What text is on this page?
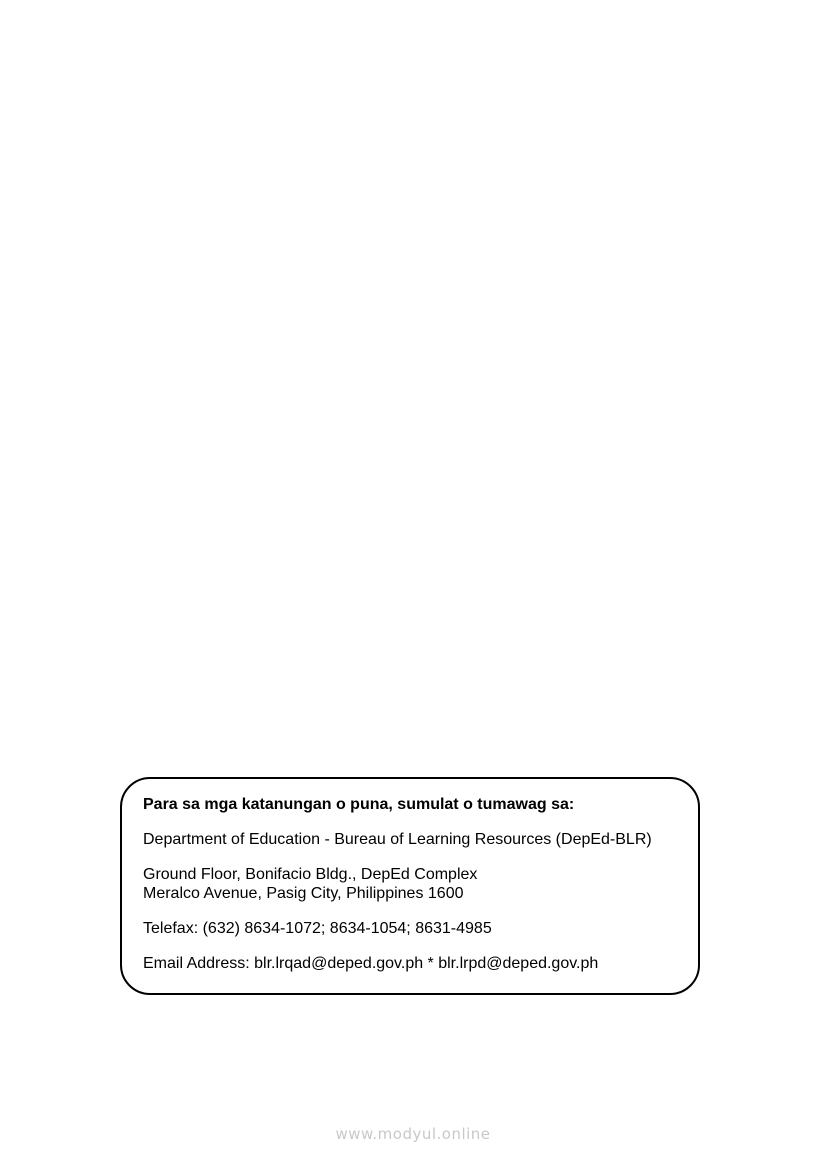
Para sa mga katanungan o puna, sumulat o tumawag sa:

Department of Education - Bureau of Learning Resources (DepEd-BLR)

Ground Floor, Bonifacio Bldg., DepEd Complex

Meralco Avenue, Pasig City, Philippines 1600

Telefax: (632) 8634-1072; 8634-1054; 8631-4985

Email Address: blr.lrqad@deped.gov.ph * blr.lrpd@deped.gov.ph

www.modyul.online
